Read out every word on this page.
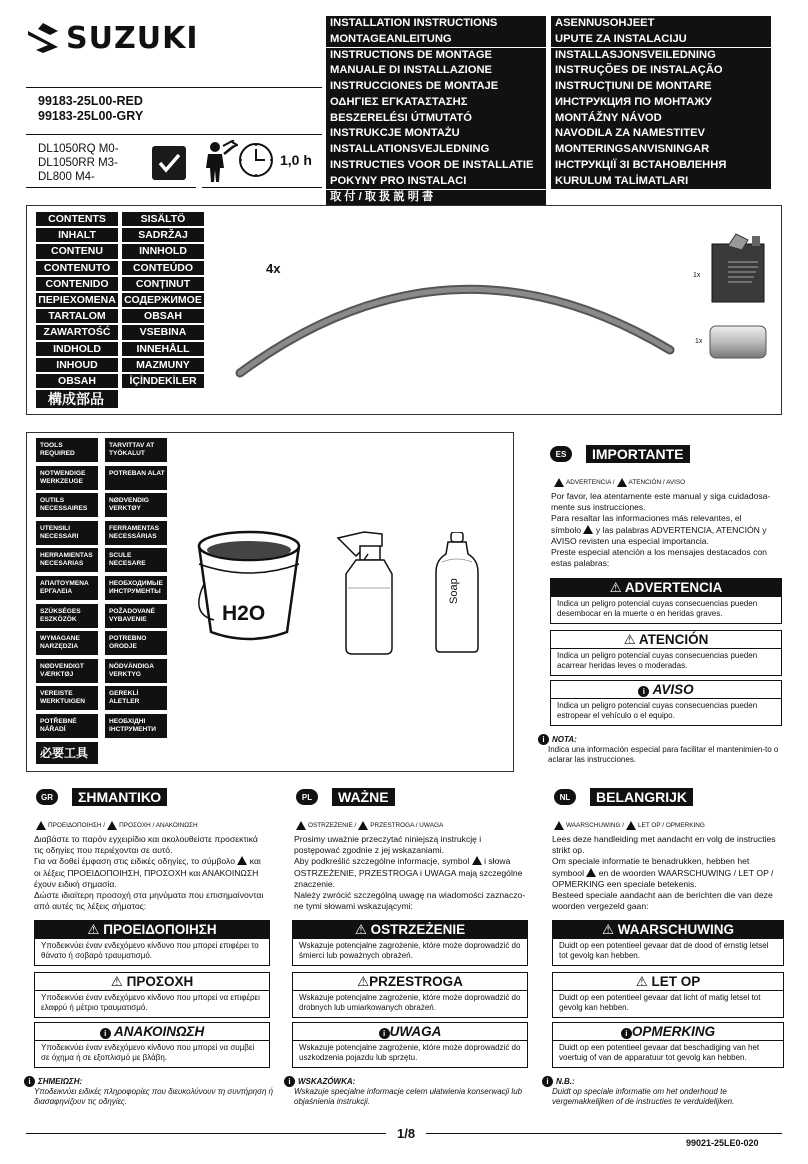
SUZUKI	INSTALLATION INSTRUCTIONS
MONTAGEANLEITUNG
INSTRUCTIONS DE MONTAGE
MANUALE DI INSTALLAZIONE
INSTRUCCIONES DE MONTAJE
ΟΔΗΓΙΕΣ ΕΓΚΑΤΑΣΤΑΣΗΣ
BESZERELÉSI ÚTMUTATÓ
INSTRUKCJE MONTAŻU
INSTALLATIONSVEJLEDNING
INSTRUCTIES VOOR DE INSTALLATIE
POKYNY PRO INSTALACI
取 付 / 取 扱 説 明 書
ASENNUSOHJEET
UPUTE ZA INSTALACIJU
INSTALLASJONSVEILEDNING
INSTRUÇÕES DE INSTALAÇÃO
INSTRUCȚIUNI DE MONTARE
ИНСТРУКЦИЯ ПО МОНТАЖУ
MONTÁŽNY NÁVOD
NAVODILA ZA NAMESTITEV
MONTERINGSANVISNINGAR
ІНСТРУКЦІЇ ЗІ ВСТАНОВЛЕННЯ
KURULUM TALİMATLARI
99183-25L00-RED
99183-25L00-GRY
DL1050RQ M0-
DL1050RR M3-
DL800 M4-
1,0 h
CONTENTS
INHALT
CONTENU
CONTENUTO
CONTENIDO
ΠΕΡΙΕΧΟΜΕΝΑ
TARTALOM
ZAWARTOŚĆ
INDHOLD
INHOUD
OBSAH
構成部品
SISÄLTÖ
SADRŽAJ
INNHOLD
CONTEÚDO
CONȚINUT
СОДЕРЖИМОЕ
OBSAH
VSEBINA
INNEHÅLL
MAZMUNY
İÇİNDEKİLER
4x	1x
1x
TOOLS REQUIRED
NOTWENDIGE WERKZEUGE
OUTILS NECESSAIRES
UTENSILI NECESSARI
HERRAMIENTAS NECESARIAS
ΑΠΑΙΤΟΥΜΕΝΑ ΕΡΓΑΛΕΙΑ
SZÜKSÉGES ESZKÖZÖK
WYMAGANE NARZĘDZIA
NØDVENDIGT VÆRKTØJ
VEREISTE WERKTUIGEN
POTŘEBNÉ NÁŘADÍ
必要工具
TARVITTAV AT TYÖKALUT
POTREBAN ALAT
NØDVENDIG VERKTØY
FERRAMENTAS NECESSÁRIAS
SCULE NECESARE
НЕОБХОДИМЫЕ ИНСТРУМЕНТЫ
POŽADOVANÉ VYBAVENIE
POTREBNO ORODJE
NÖDVÄNDIGA VERKTYG
GEREKLİ ALETLER
НЕОБХІДНІ ІНСТРУМЕНТИ
H2O
Soap
ES	IMPORTANTE
ADVERTENCIA / ATENCIÓN / AVISO
Por favor, lea atentamente este manual y siga cuidadosa-
mente sus instrucciones.
Para resaltar las informaciones más relevantes, el
símbolo y las palabras ADVERTENCIA, ATENCIÓN y
AVISO revisten una especial importancia.
Preste especial atención a los mensajes destacados con
estas palabras:
⚠ ADVERTENCIA
Indica un peligro potencial cuyas consecuencias pueden desembocar en la muerte o en heridas graves.
⚠ ATENCIÓN
Indica un peligro potencial cuyas consecuencias pueden acarrear heridas leves o moderadas.
i AVISO
Indica un peligro potencial cuyas consecuencias pueden estropear el vehículo o el equipo.
i NOTA:
Indica una información especial para facilitar el mantenimien-to o aclarar las instrucciones.
GR	ΣΗΜΑΝΤΙΚΟ
ΠΡΟΕΙΔΟΠΟΙΗΣΗ / ΠΡΟΣΟΧΗ / ΑΝΑΚΟΙΝΩΣΗ
Διαβάστε το παρόν εγχειρίδιο και ακολουθείστε προσεκτικά
τις οδηγίες που περιέχονται σε αυτό.
Για να δοθεί έμφαση στις ειδικές οδηγίες, το σύμβολο και
οι λέξεις ΠΡΟΕΙΔΟΠΟΙΗΣΗ, ΠΡΟΣΟΧΗ και ΑΝΑΚΟΙΝΩΣΗ
έχουν ειδική σημασία.
Δώστε ιδιαίτερη προσοχή στα μηνύματα που επισημαίνονται
από αυτές τις λέξεις σήματος:
⚠ ΠΡΟΕΙΔΟΠΟΙΗΣΗ
Υποδεικνύει έναν ενδεχόμενο κίνδυνο που μπορεί επιφέρει το θάνατο ή σοβαρό τραυματισμό.
⚠ ΠΡΟΣΟΧΗ
Υποδεικνύει έναν ενδεχόμενο κίνδυνο που μπορεί να επιφέρει ελαφρύ ή μέτριο τραυματισμό.
i ΑΝΑΚΟΙΝΩΣΗ
Υποδεικνύει έναν ενδεχόμενο κίνδυνο που μπορεί να συμβεί σε όχημα ή σε εξοπλισμό με βλάβη.
i ΣΗΜΕΙΩΣΗ:
Υποδεικνύει ειδικές πληροφορίες που διευκολύνουν τη συντήρηση ή διασαφηνίζουν τις οδηγίες.
PL	WAŻNE
OSTRZEŻENIE / PRZESTROGA / UWAGA
Prosimy uważnie przeczytać niniejszą instrukcję i
postępować zgodnie z jej wskazaniami.
Aby podkreślić szczególne informacje, symbol i słowa
OSTRZEŻENIE, PRZESTROGA i UWAGA mają szczególne
znaczenie.
Należy zwrócić szczególną uwagę na wiadomości zaznaczo-
ne tymi słowami wskazującymi:
⚠ OSTRZEŻENIE
Wskazuje potencjalne zagrożenie, które może doprowadzić do śmierci lub poważnych obrażeń.
⚠PRZESTROGA
Wskazuje potencjalne zagrożenie, które może doprowadzić do drobnych lub umiarkowanych obrażeń.
i UWAGA
Wskazuje potencjalne zagrożenie, które może doprowadzić do uszkodzenia pojazdu lub sprzętu.
i WSKAZÓWKA:
Wskazuje specjalne informacje celem ułatwienia konserwacji lub objaśnienia instrukcji.
NL	BELANGRIJK
WAARSCHUWING / LET OP / OPMERKING
Lees deze handleiding met aandacht en volg de instructies
strikt op.
Om speciale informatie te benadrukken, hebben het
symbool en de woorden WAARSCHUWING / LET OP /
OPMERKING een speciale betekenis.
Besteed speciale aandacht aan de berichten die van deze
woorden vergezeld gaan:
⚠ WAARSCHUWING
Duidt op een potentieel gevaar dat de dood of ernstig letsel tot gevolg kan hebben.
⚠ LET OP
Duidt op een potentieel gevaar dat licht of matig letsel tot gevolg kan hebben.
i OPMERKING
Duidt op een potentieel gevaar dat beschadiging van het voertuig of van de apparatuur tot gevolg kan hebben.
i N.B.:
Duidt op speciale informatie om het onderhoud te vergemakkelijken of de instructies te verduidelijken.
1/8
99021-25LE0-020
